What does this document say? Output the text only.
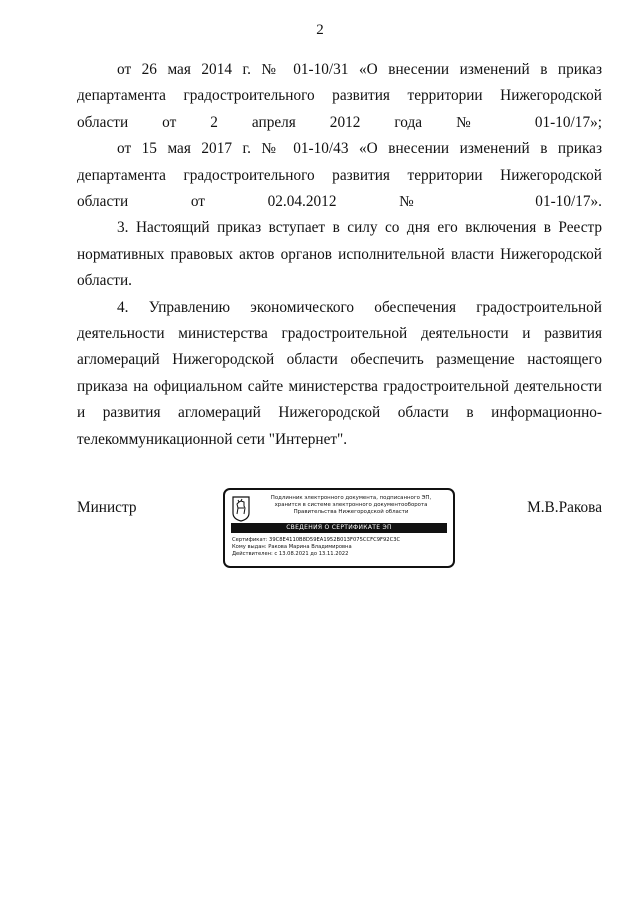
2

от 26 мая 2014 г. № 01-10/31 «О внесении изменений в приказ департамента градостроительного развития территории Нижегородской области от 2 апреля 2012 года № 01-10/17»;

от 15 мая 2017 г. № 01-10/43 «О внесении изменений в приказ департамента градостроительного развития территории Нижегородской области от 02.04.2012 № 01-10/17».

3. Настоящий приказ вступает в силу со дня его включения в Реестр нормативных правовых актов органов исполнительной власти Нижегородской области.

4. Управлению экономического обеспечения градостроительной деятельности министерства градостроительной деятельности и развития агломераций Нижегородской области обеспечить размещение настоящего приказа на официальном сайте министерства градостроительной деятельности и развития агломераций Нижегородской области в информационно-телекоммуникационной сети "Интернет".

Министр
Подлинник электронного документа, подписанного ЭП,
хранится в системе электронного документооборота
Правительства Нижегородской области
СВЕДЕНИЯ О СЕРТИФИКАТЕ ЭП
Сертификат: 39C8E4110B8D59EA1952B013F075CCFC9F92C3C
Кому выдан: Ракова Марина Владимировна
Действителен: с 13.08.2021 до 13.11.2022
М.В.Ракова
